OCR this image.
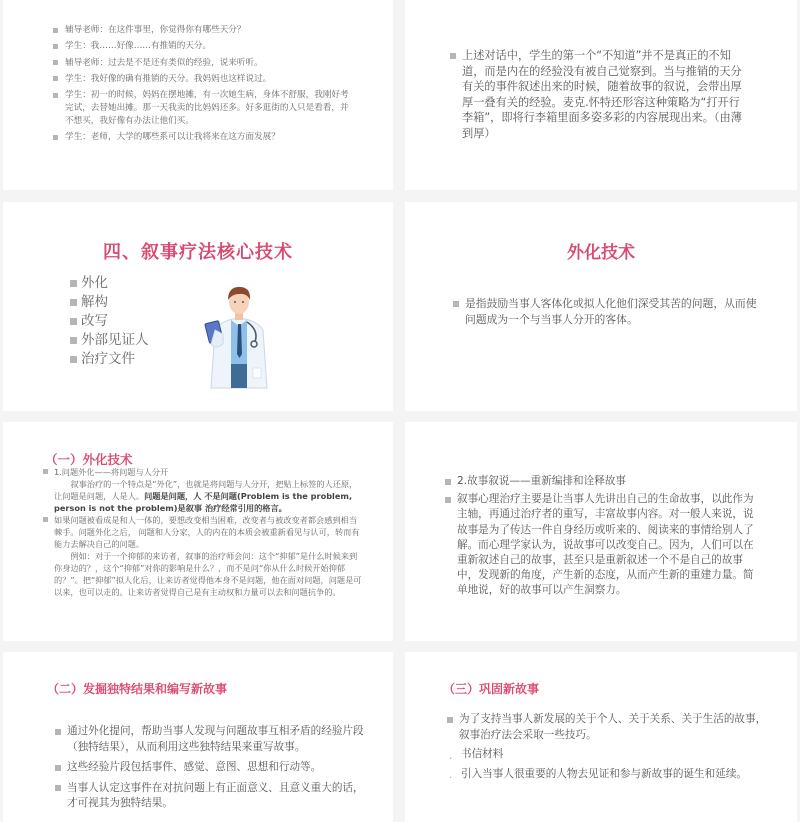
辅导老师：在这件事里，你觉得你有哪些天分？
学生：我……好像……有推销的天分。
辅导老师：过去是不是还有类似的经验，说来听听。
学生：我好像的确有推销的天分。我妈妈也这样说过。
学生：初一的时候，妈妈在摆地摊，有一次她生病，身体不舒服，我刚好考完试，去替她出摊。那一天我卖的比妈妈还多。好多逛街的人只是看看，并不想买，我好像有办法让他们买。
学生：老师，大学的哪些系可以让我将来在这方面发展？
上述对话中，学生的第一个“不知道”并不是真正的不知道，而是内在的经验没有被自己觉察到。当与推销的天分有关的事件叙述出来的时候，随着故事的叙说，会带出厚厚一叠有关的经验。麦克.怀特还形容这种策略为“打开行李箱”，即将行李箱里面多姿多彩的内容展现出来。（由薄到厚）
四、叙事疗法核心技术
外化
解构
改写
外部见证人
治疗文件
外化技术
是指鼓励当事人客体化或拟人化他们深受其苦的问题，从而使问题成为一个与当事人分开的客体。
（一）外化技术
1.问题外化——将问题与人分开
叙事治疗的一个特点是“外化”，也就是将问题与人分开，把贴上标签的人还原，让问题是问题，人是人。问题是问题，人 不是问题(Problem is the problem, person is not the problem)是叙事 治疗经常引用的格言。
如果问题被看成是和人一体的，要想改变相当困难，改变者与被改变者都会感到相当棘手。问题外化之后， 问题和人分家，人的内在的本质会被重新看见与认可，转而有能力去解决自己的问题。
例如：对于一个抑郁的来访者，叙事的治疗师会问：这个“抑郁”是什么时候来到你身边的？，这个“抑郁”对你的影响是什么？，而不是问“你从什么时候开始抑郁的？”。把“抑郁”拟人化后，让来访者觉得他本身不是问题，他在面对问题，问题是可以来，也可以走的。让来访者觉得自己是有主动权和力量可以去和问题抗争的。
2.故事叙说——重新编排和诠释故事
叙事心理治疗主要是让当事人先讲出自己的生命故事，以此作为主轴，再通过治疗者的重写，丰富故事内容。对一般人来说，说故事是为了传达一件自身经历或听来的、阅读来的事情给别人了解。而心理学家认为，说故事可以改变自己。因为，人们可以在重新叙述自己的故事，甚至只是重新叙述一个不是自己的故事中，发现新的角度，产生新的态度，从而产生新的重建力量。简单地说，好的故事可以产生洞察力。
（二）发掘独特结果和编写新故事
通过外化提问，帮助当事人发现与问题故事互相矛盾的经验片段（独特结果），从而利用这些独特结果来重写故事。
这些经验片段包括事件、感觉、意图、思想和行动等。
当事人认定这事件在对抗问题上有正面意义、且意义重大的话，才可视其为独特结果。
（三）巩固新故事
为了支持当事人新发展的关于个人、关于关系、关于生活的故事，叙事治疗法会采取一些技巧。
· 书信材料
· 引入当事人很重要的人物去见证和参与新故事的诞生和延续。
